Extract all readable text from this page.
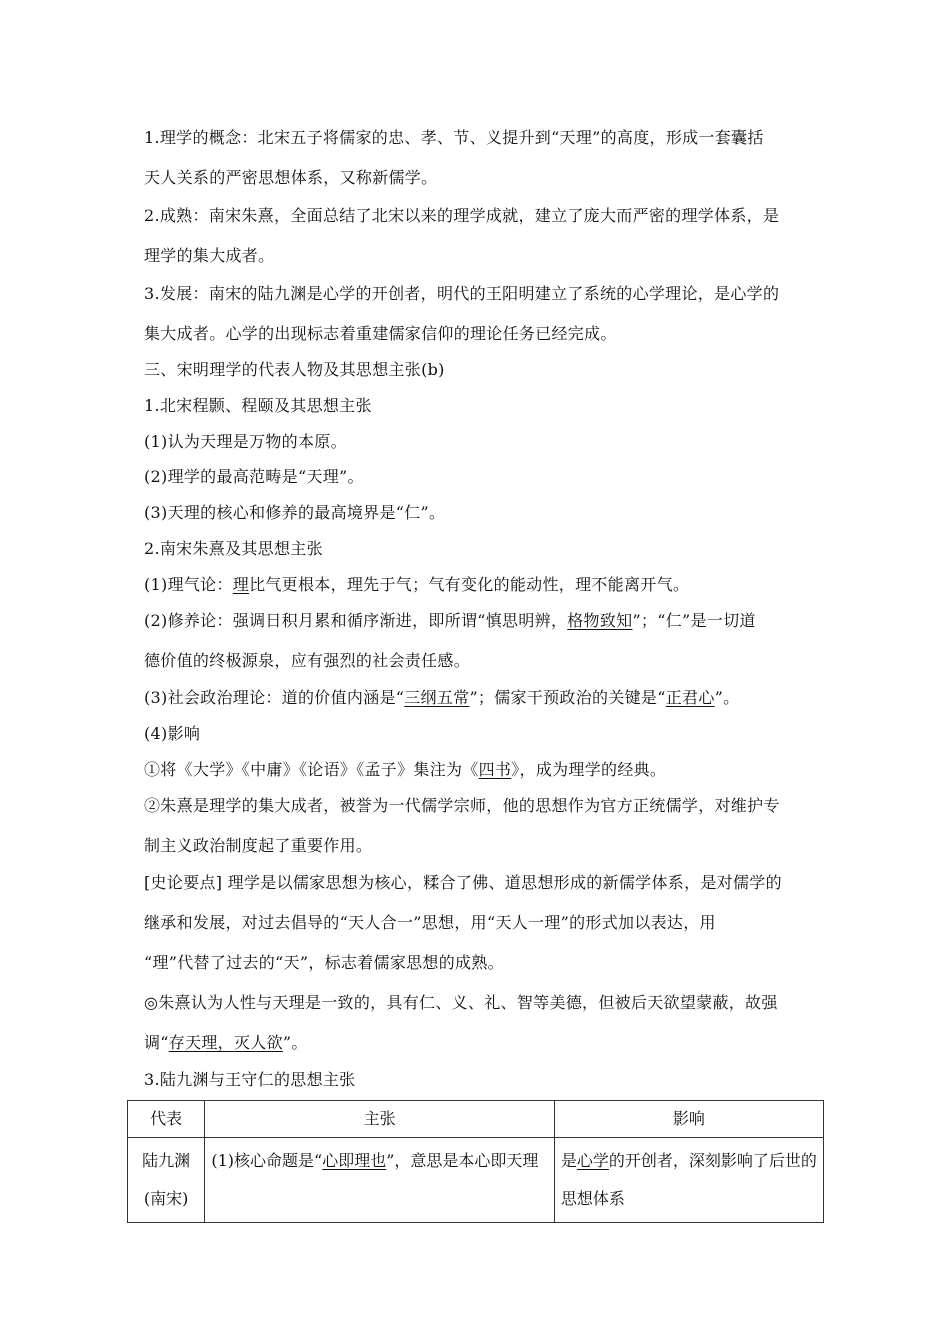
1.理学的概念：北宋五子将儒家的忠、孝、节、义提升到“天理”的高度，形成一套囊括
天人关系的严密思想体系，又称新儒学。
2.成熟：南宋朱熹，全面总结了北宋以来的理学成就，建立了庞大而严密的理学体系，是
理学的集大成者。
3.发展：南宋的陆九渊是心学的开创者，明代的王阳明建立了系统的心学理论，是心学的
集大成者。心学的出现标志着重建儒家信仰的理论任务已经完成。
三、宋明理学的代表人物及其思想主张(b)
1.北宋程颢、程颐及其思想主张
(1)认为天理是万物的本原。
(2)理学的最高范畴是“天理”。
(3)天理的核心和修养的最高境界是“仁”。
2.南宋朱熹及其思想主张
(1)理气论：理比气更根本，理先于气；气有变化的能动性，理不能离开气。
(2)修养论：强调日积月累和循序渐进，即所谓“慎思明辨，格物致知”；“仁”是一切道
德价值的终极源泉，应有强烈的社会责任感。
(3)社会政治理论：道的价值内涵是“三纲五常”；儒家干预政治的关键是“正君心”。
(4)影响
①将《大学》《中庸》《论语》《孟子》集注为《四书》，成为理学的经典。
②朱熹是理学的集大成者，被誉为一代儒学宗师，他的思想作为官方正统儒学，对维护专
制主义政治制度起了重要作用。
[史论要点] 理学是以儒家思想为核心，糅合了佛、道思想形成的新儒学体系，是对儒学的
继承和发展，对过去倡导的“天人合一”思想，用“天人一理”的形式加以表达，用
“理”代替了过去的“天”，标志着儒家思想的成熟。
◎朱熹认为人性与天理是一致的，具有仁、义、礼、智等美德，但被后天欲望蒙蔽，故强
调“存天理，灭人欲”。
3.陆九渊与王守仁的思想主张
代表	主张	影响
陆九渊(南宋)	(1)核心命题是“心即理也”，意思是本心即天理	是心学的开创者，深刻影响了后世的思想体系
